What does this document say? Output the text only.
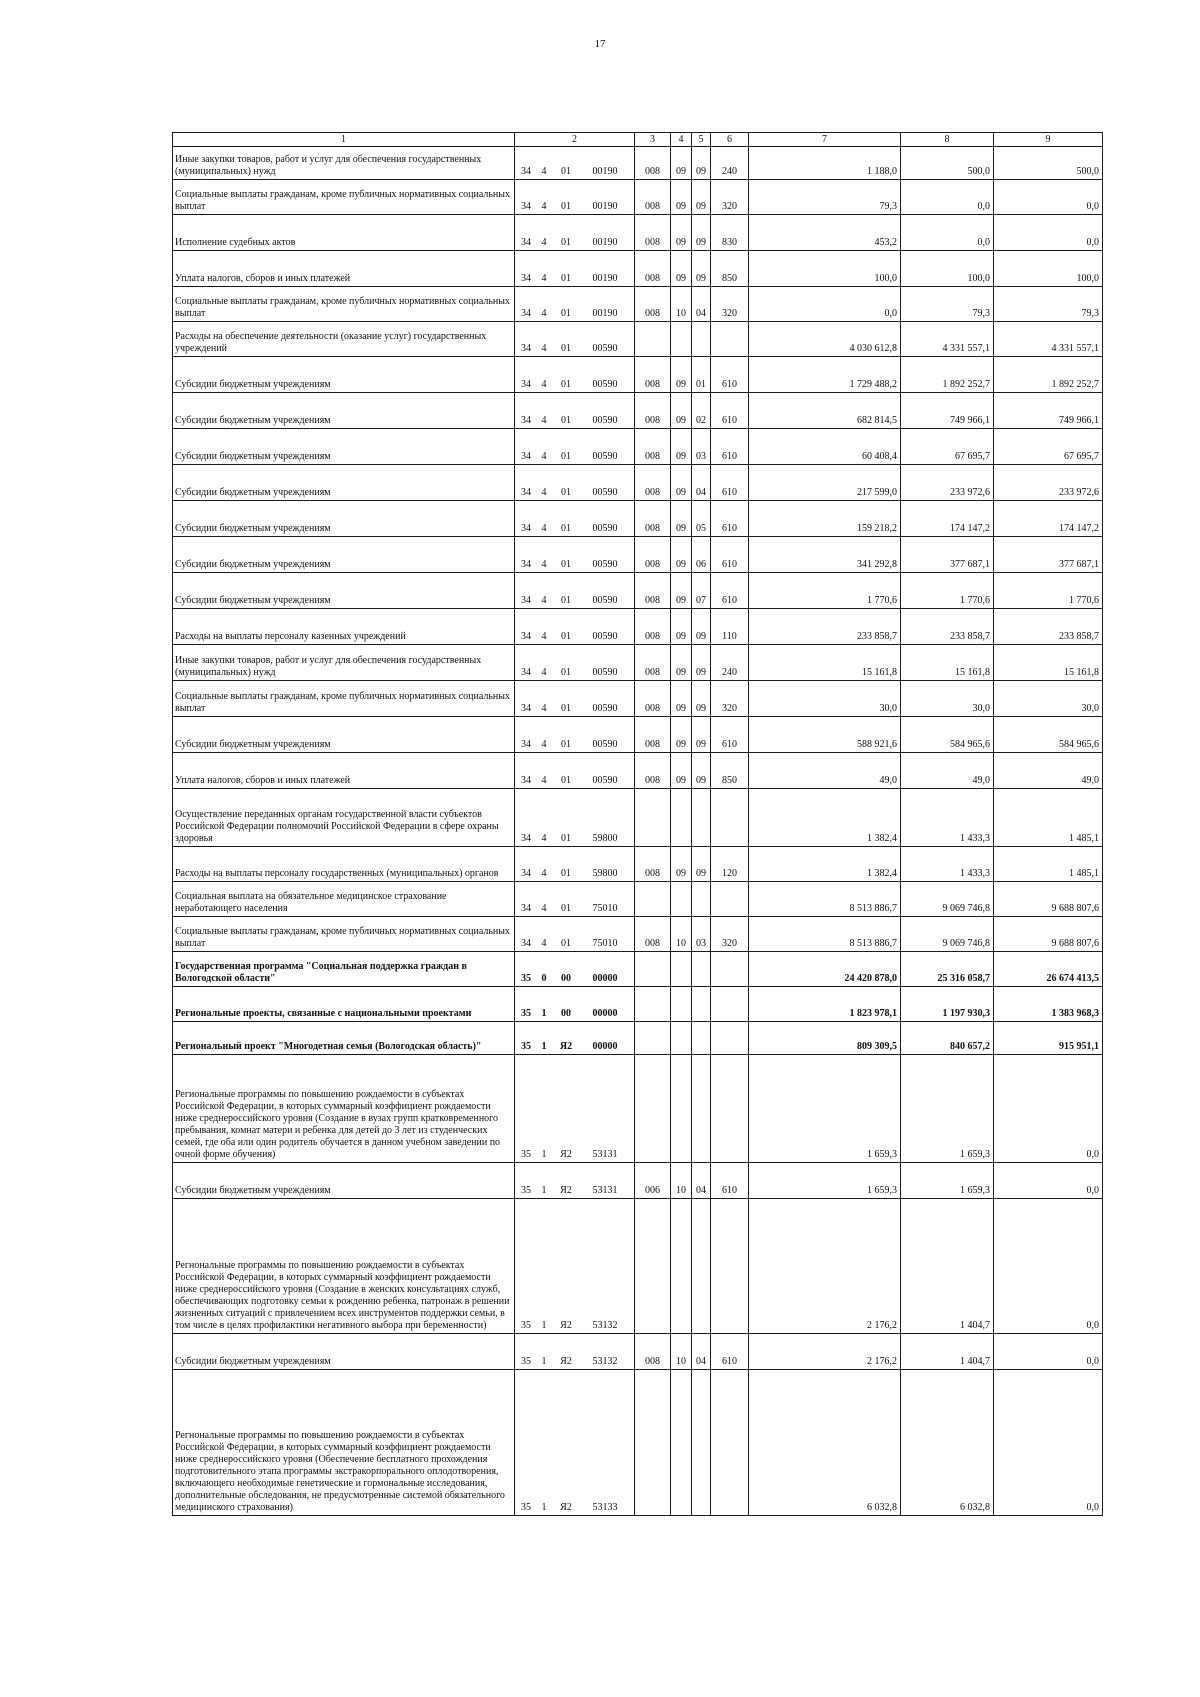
17
1	2	3	4	5	6	7	8	9
Иные закупки товаров, работ и услуг для обеспечения государственных (муниципальных) нужд	34 4 01 00190	008	09	09	240	1 188,0	500,0	500,0
Социальные выплаты гражданам, кроме публичных нормативных социальных выплат	34 4 01 00190	008	09	09	320	79,3	0,0	0,0
Исполнение судебных актов	34 4 01 00190	008	09	09	830	453,2	0,0	0,0
Уплата налогов, сборов и иных платежей	34 4 01 00190	008	09	09	850	100,0	100,0	100,0
Социальные выплаты гражданам, кроме публичных нормативных социальных выплат	34 4 01 00190	008	10	04	320	0,0	79,3	79,3
Расходы на обеспечение деятельности (оказание услуг) государственных учреждений	34 4 01 00590					4 030 612,8	4 331 557,1	4 331 557,1
Субсидии бюджетным учреждениям	34 4 01 00590	008	09	01	610	1 729 488,2	1 892 252,7	1 892 252,7
Субсидии бюджетным учреждениям	34 4 01 00590	008	09	02	610	682 814,5	749 966,1	749 966,1
Субсидии бюджетным учреждениям	34 4 01 00590	008	09	03	610	60 408,4	67 695,7	67 695,7
Субсидии бюджетным учреждениям	34 4 01 00590	008	09	04	610	217 599,0	233 972,6	233 972,6
Субсидии бюджетным учреждениям	34 4 01 00590	008	09	05	610	159 218,2	174 147,2	174 147,2
Субсидии бюджетным учреждениям	34 4 01 00590	008	09	06	610	341 292,8	377 687,1	377 687,1
Субсидии бюджетным учреждениям	34 4 01 00590	008	09	07	610	1 770,6	1 770,6	1 770,6
Расходы на выплаты персоналу казенных учреждений	34 4 01 00590	008	09	09	110	233 858,7	233 858,7	233 858,7
Иные закупки товаров, работ и услуг для обеспечения государственных (муниципальных) нужд	34 4 01 00590	008	09	09	240	15 161,8	15 161,8	15 161,8
Социальные выплаты гражданам, кроме публичных нормативных социальных выплат	34 4 01 00590	008	09	09	320	30,0	30,0	30,0
Субсидии бюджетным учреждениям	34 4 01 00590	008	09	09	610	588 921,6	584 965,6	584 965,6
Уплата налогов, сборов и иных платежей	34 4 01 00590	008	09	09	850	49,0	49,0	49,0
Осуществление переданных органам государственной власти субъектов Российской Федерации полномочий Российской Федерации в сфере охраны здоровья	34 4 01 59800					1 382,4	1 433,3	1 485,1
Расходы на выплаты персоналу государственных (муниципальных) органов	34 4 01 59800	008	09	09	120	1 382,4	1 433,3	1 485,1
Социальная выплата на обязательное медицинское страхование неработающего населения	34 4 01 75010					8 513 886,7	9 069 746,8	9 688 807,6
Социальные выплаты гражданам, кроме публичных нормативных социальных выплат	34 4 01 75010	008	10	03	320	8 513 886,7	9 069 746,8	9 688 807,6
Государственная программа "Социальная поддержка граждан в Вологодской области"	35 0 00 00000					24 420 878,0	25 316 058,7	26 674 413,5
Региональные проекты, связанные с национальными проектами	35 1 00 00000					1 823 978,1	1 197 930,3	1 383 968,3
Региональный проект "Многодетная семья (Вологодская область)"	35 1 Я2 00000					809 309,5	840 657,2	915 951,1
Региональные программы по повышению рождаемости в субъектах Российской Федерации, в которых суммарный коэффициент рождаемости ниже среднероссийского уровня (Создание в вузах групп кратковременного пребывания, комнат матери и ребенка для детей до 3 лет из студенческих семей, где оба или один родитель обучается в данном учебном заведении по очной форме обучения)	35 1 Я2 53131					1 659,3	1 659,3	0,0
Субсидии бюджетным учреждениям	35 1 Я2 53131	006	10	04	610	1 659,3	1 659,3	0,0
Регнональные программы по повышению рождаемости в субъектах Российской Федерации, в которых суммарный коэффициент рождаемости ниже среднероссийского уровня (Создание в женских консультациях служб, обеспечивающих подготовку семьи к рождению ребенка, патронаж в решении жизненных ситуаций с привлечением всех инструментов поддержки семьи, в том числе в целях профилактики негативного выбора при беременности)	35 1 Я2 53132					2 176,2	1 404,7	0,0
Субсидии бюджетным учреждениям	35 1 Я2 53132	008	10	04	610	2 176,2	1 404,7	0,0
Регнональные программы по повышению рождаемости в субъектах Российской Федерации, в которых суммарный коэффициент рождаемости ниже среднероссийского уровня (Обеспечение бесплатного прохождения подготовительного этапа программы экстракорпорального оплодотворения, включающего необходимые генетические и гормональные исследования, дополнительные обследования, не предусмотренные системой обязательного медицинского страхования)	35 1 Я2 53133					6 032,8	6 032,8	0,0
